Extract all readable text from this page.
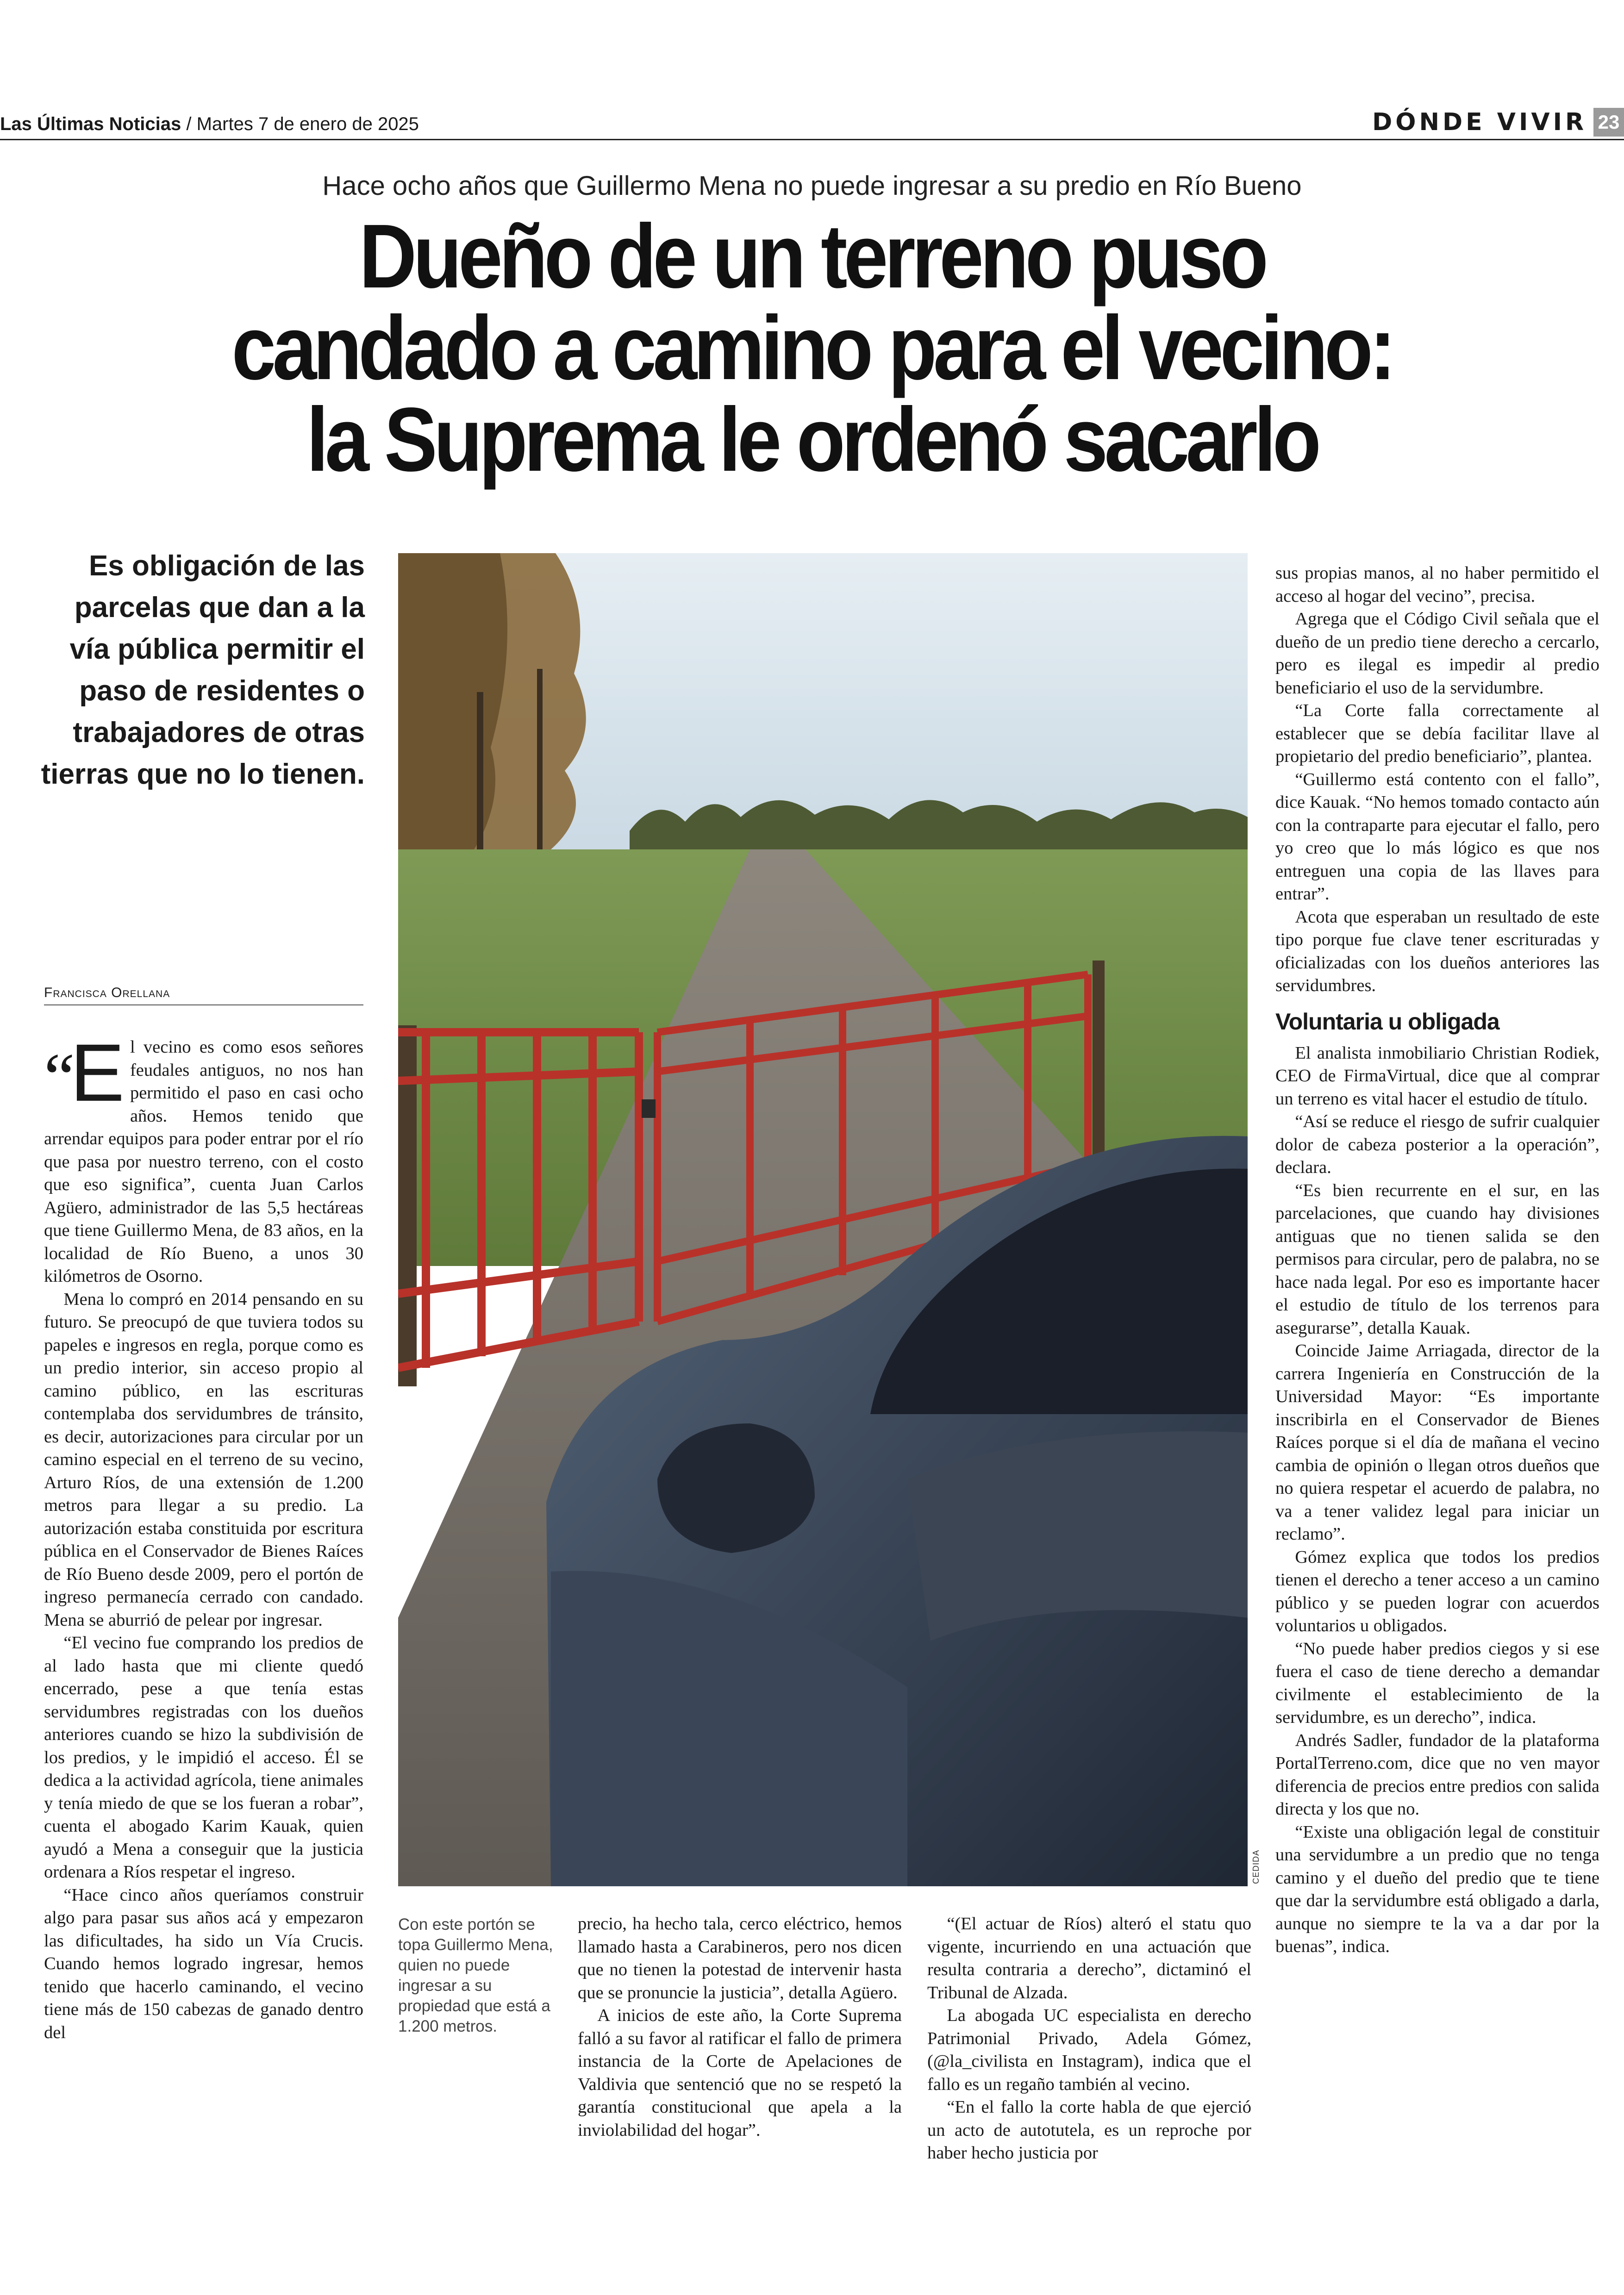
Las Últimas Noticias / Martes 7 de enero de 2025	DÓNDE VIVIR 23
Hace ocho años que Guillermo Mena no puede ingresar a su predio en Río Bueno
Dueño de un terreno puso
candado a camino para el vecino:
la Suprema le ordenó sacarlo
Es obligación de las parcelas que dan a la vía pública permitir el paso de residentes o trabajadores de otras tierras que no lo tienen.
Francisca Orellana

“E l vecino es como esos señores feudales antiguos, no nos han permitido el paso en casi ocho años. Hemos tenido que arrendar equipos para poder entrar por el río que pasa por nuestro terreno, con el costo que eso significa”, cuenta Juan Carlos Agüero, administrador de las 5,5 hectáreas que tiene Guillermo Mena, de 83 años, en la localidad de Río Bueno, a unos 30 kilómetros de Osorno.

Mena lo compró en 2014 pensando en su futuro. Se preocupó de que tuviera todos su papeles e ingresos en regla, porque como es un predio interior, sin acceso propio al camino público, en las escrituras contemplaba dos servidumbres de tránsito, es decir, autorizaciones para circular por un camino especial en el terreno de su vecino, Arturo Ríos, de una extensión de 1.200 metros para llegar a su predio. La autorización estaba constituida por escritura pública en el Conservador de Bienes Raíces de Río Bueno desde 2009, pero el portón de ingreso permanecía cerrado con candado. Mena se aburrió de pelear por ingresar.

“El vecino fue comprando los predios de al lado hasta que mi cliente quedó encerrado, pese a que tenía estas servidumbres registradas con los dueños anteriores cuando se hizo la subdivisión de los predios, y le impidió el acceso. Él se dedica a la actividad agrícola, tiene animales y tenía miedo de que se los fueran a robar”, cuenta el abogado Karim Kauak, quien ayudó a Mena a conseguir que la justicia ordenara a Ríos respetar el ingreso.

“Hace cinco años queríamos construir algo para pasar sus años acá y empezaron las dificultades, ha sido un Vía Crucis. Cuando hemos logrado ingresar, hemos tenido que hacerlo caminando, el vecino tiene más de 150 cabezas de ganado dentro del

CEDIDA
Con este portón se topa Guillermo Mena, quien no puede ingresar a su propiedad que está a 1.200 metros.

precio, ha hecho tala, cerco eléctrico, hemos llamado hasta a Carabineros, pero nos dicen que no tienen la potestad de intervenir hasta que se pronuncie la justicia”, detalla Agüero.

A inicios de este año, la Corte Suprema falló a su favor al ratificar el fallo de primera instancia de la Corte de Apelaciones de Valdivia que sentenció que no se respetó la garantía constitucional que apela a la inviolabilidad del hogar”.

“(El actuar de Ríos) alteró el statu quo vigente, incurriendo en una actuación que resulta contraria a derecho”, dictaminó el Tribunal de Alzada.

La abogada UC especialista en derecho Patrimonial Privado, Adela Gómez, (@la_civilista en Instagram), indica que el fallo es un regaño también al vecino.

“En el fallo la corte habla de que ejerció un acto de autotutela, es un reproche por haber hecho justicia por

sus propias manos, al no haber permitido el acceso al hogar del vecino”, precisa.

Agrega que el Código Civil señala que el dueño de un predio tiene derecho a cercarlo, pero es ilegal es impedir al predio beneficiario el uso de la servidumbre.

“La Corte falla correctamente al establecer que se debía facilitar llave al propietario del predio beneficiario”, plantea.

“Guillermo está contento con el fallo”, dice Kauak. “No hemos tomado contacto aún con la contraparte para ejecutar el fallo, pero yo creo que lo más lógico es que nos entreguen una copia de las llaves para entrar”.

Acota que esperaban un resultado de este tipo porque fue clave tener escrituradas y oficializadas con los dueños anteriores las servidumbres.

Voluntaria u obligada

El analista inmobiliario Christian Rodiek, CEO de FirmaVirtual, dice que al comprar un terreno es vital hacer el estudio de título.

“Así se reduce el riesgo de sufrir cualquier dolor de cabeza posterior a la operación”, declara.

“Es bien recurrente en el sur, en las parcelaciones, que cuando hay divisiones antiguas que no tienen salida se den permisos para circular, pero de palabra, no se hace nada legal. Por eso es importante hacer el estudio de título de los terrenos para asegurarse”, detalla Kauak.

Coincide Jaime Arriagada, director de la carrera Ingeniería en Construcción de la Universidad Mayor: “Es importante inscribirla en el Conservador de Bienes Raíces porque si el día de mañana el vecino cambia de opinión o llegan otros dueños que no quiera respetar el acuerdo de palabra, no va a tener validez legal para iniciar un reclamo”.

Gómez explica que todos los predios tienen el derecho a tener acceso a un camino público y se pueden lograr con acuerdos voluntarios u obligados.

“No puede haber predios ciegos y si ese fuera el caso de tiene derecho a demandar civilmente el establecimiento de la servidumbre, es un derecho”, indica.

Andrés Sadler, fundador de la plataforma PortalTerreno.com, dice que no ven mayor diferencia de precios entre predios con salida directa y los que no.

“Existe una obligación legal de constituir una servidumbre a un predio que no tenga camino y el dueño del predio que te tiene que dar la servidumbre está obligado a darla, aunque no siempre te la va a dar por la buenas”, indica.
